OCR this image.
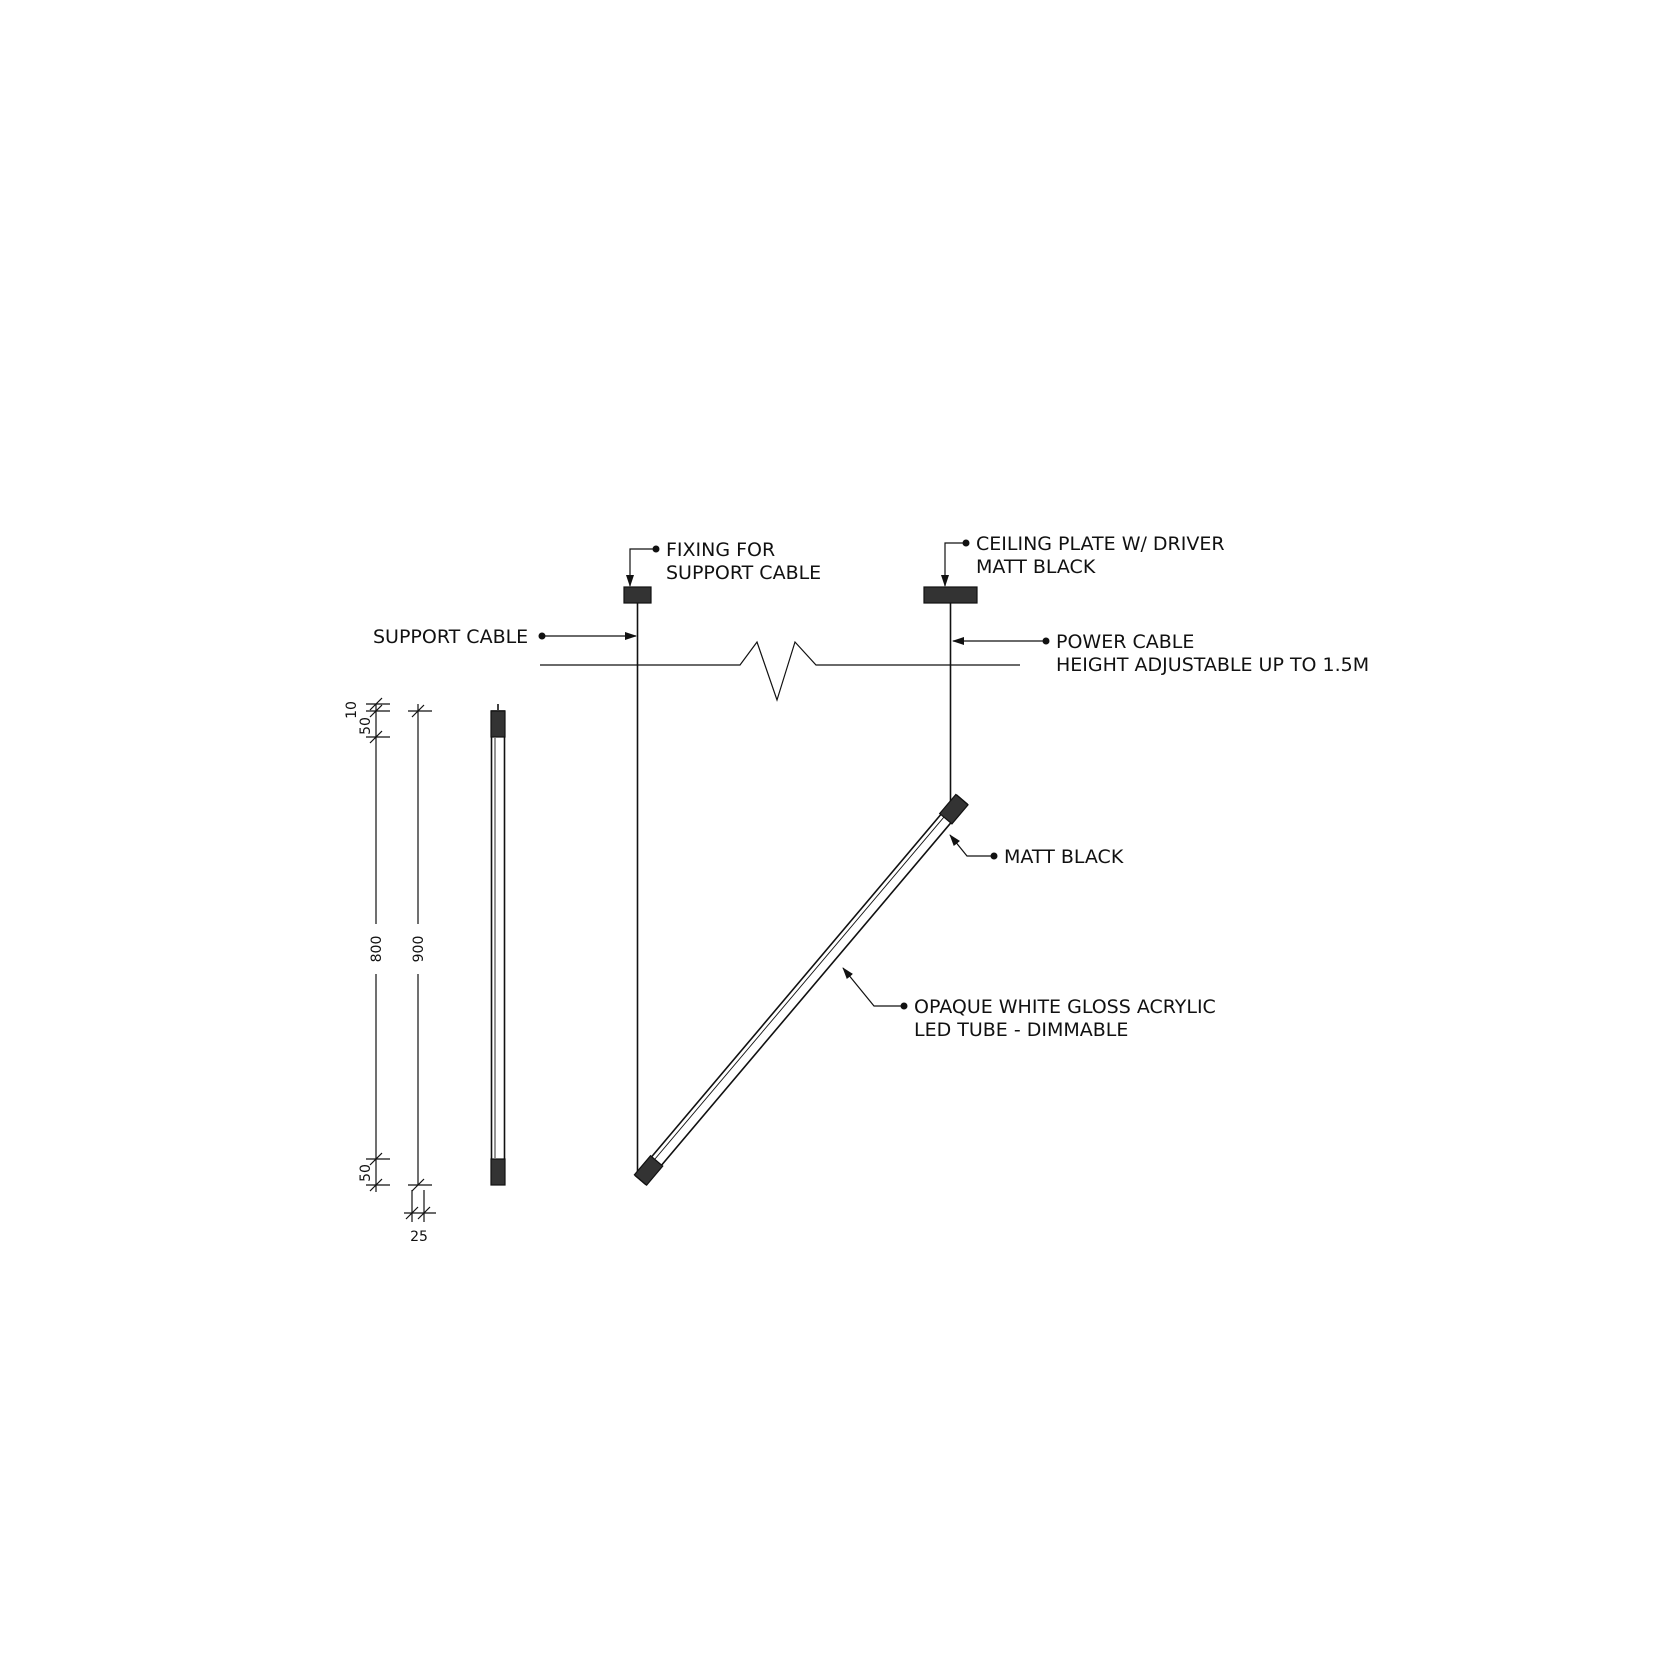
10
50
800 900
50
25
FIXING FOR
SUPPORT CABLE
CEILING PLATE W/ DRIVER
MATT BLACK
SUPPORT CABLE	POWER CABLE
HEIGHT ADJUSTABLE UP TO 1.5M
MATT BLACK
OPAQUE WHITE GLOSS ACRYLIC
LED TUBE - DIMMABLE
